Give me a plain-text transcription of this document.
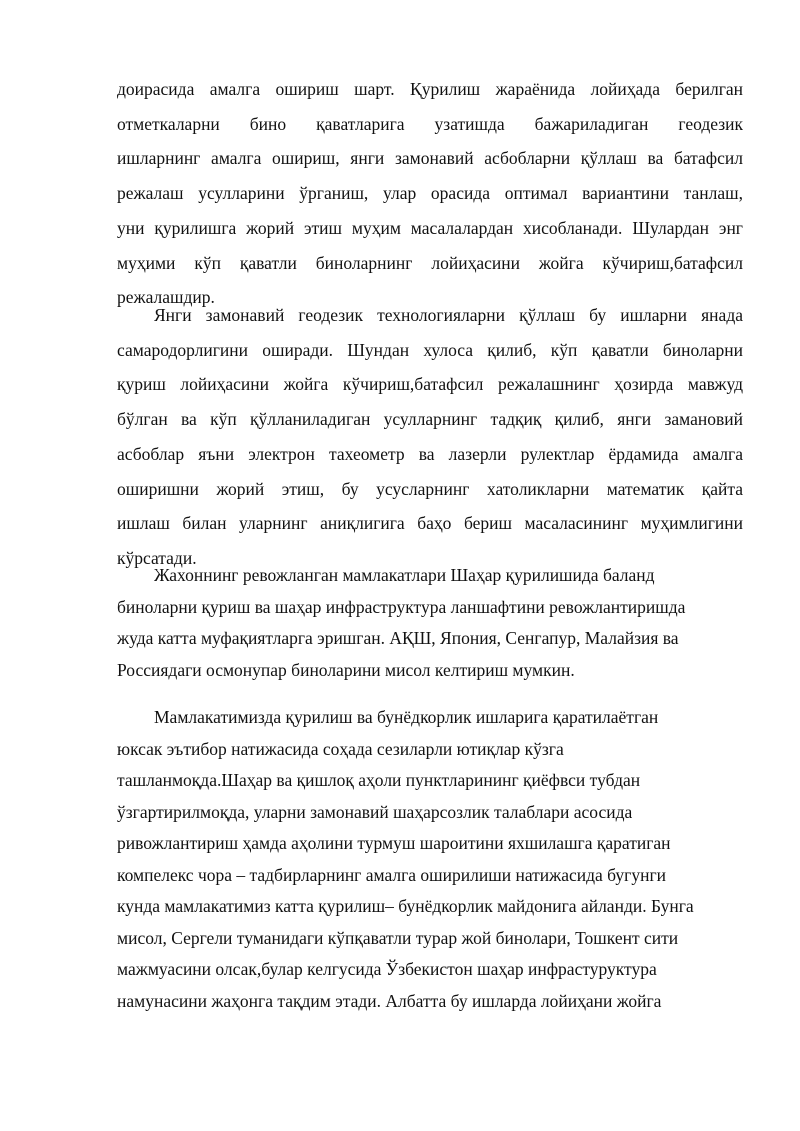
доирасида амалга ошириш шарт. Қурилиш жараёнида лойиҳада берилган
отметкаларни бино қаватларига узатишда бажариладиган геодезик
ишларнинг амалга ошириш, янги замонавий асбобларни қўллаш ва батафсил
режалаш усулларини ўрганиш, улар орасида оптимал вариантини танлаш,
уни қурилишга жорий этиш муҳим масалалардан хисобланади. Шулардан энг
муҳими кўп қаватли биноларнинг лойиҳасини жойга кўчириш,батафсил
режалашдир.
Янги замонавий геодезик технологияларни қўллаш бу ишларни янада
самародорлигини оширади. Шундан хулоса қилиб, кўп қаватли биноларни
қуриш лойиҳасини жойга кўчириш,батафсил режалашнинг ҳозирда мавжуд
бўлган ва кўп қўлланиладиган усулларнинг тадқиқ қилиб, янги замановий
асбоблар яъни электрон тахеометр ва лазерли рулектлар ёрдамида амалга
оширишни жорий этиш, бу усусларнинг хатоликларни математик қайта
ишлаш билан уларнинг аниқлигига баҳо бериш масаласининг муҳимлигини
кўрсатади.
Жахоннинг ревожланган мамлакатлари Шаҳар қурилишида баланд
биноларни қуриш ва шаҳар инфраструктура ланшафтини ревожлантиришда
жуда катта муфақиятларга эришган. АҚШ, Япония, Сенгапур, Малайзия ва
Россиядаги осмонупар биноларини мисол келтириш мумкин.
Мамлакатимизда қурилиш ва бунёдкорлик ишларига қаратилаётган
юксак эътибор натижасида соҳада сезиларли ютиқлар кўзга
ташланмоқда.Шаҳар ва қишлоқ аҳоли пунктларининг қиёфвси тубдан
ўзгартирилмоқда, уларни замонавий шаҳарсозлик талаблари асосида
ривожлантириш ҳамда аҳолини турмуш шароитини яхшилашга қаратиган
компелекс чора – тадбирларнинг амалга оширилиши натижасида бугунги
кунда мамлакатимиз катта қурилиш– бунёдкорлик майдонига айланди. Бунга
мисол, Сергели туманидаги кўпқаватли турар жой бинолари, Тошкент сити
мажмуасини олсак,булар келгусида Ўзбекистон шаҳар инфрастуруктура
намунасини жаҳонга тақдим этади. Албатта бу ишларда лойиҳани жойга
